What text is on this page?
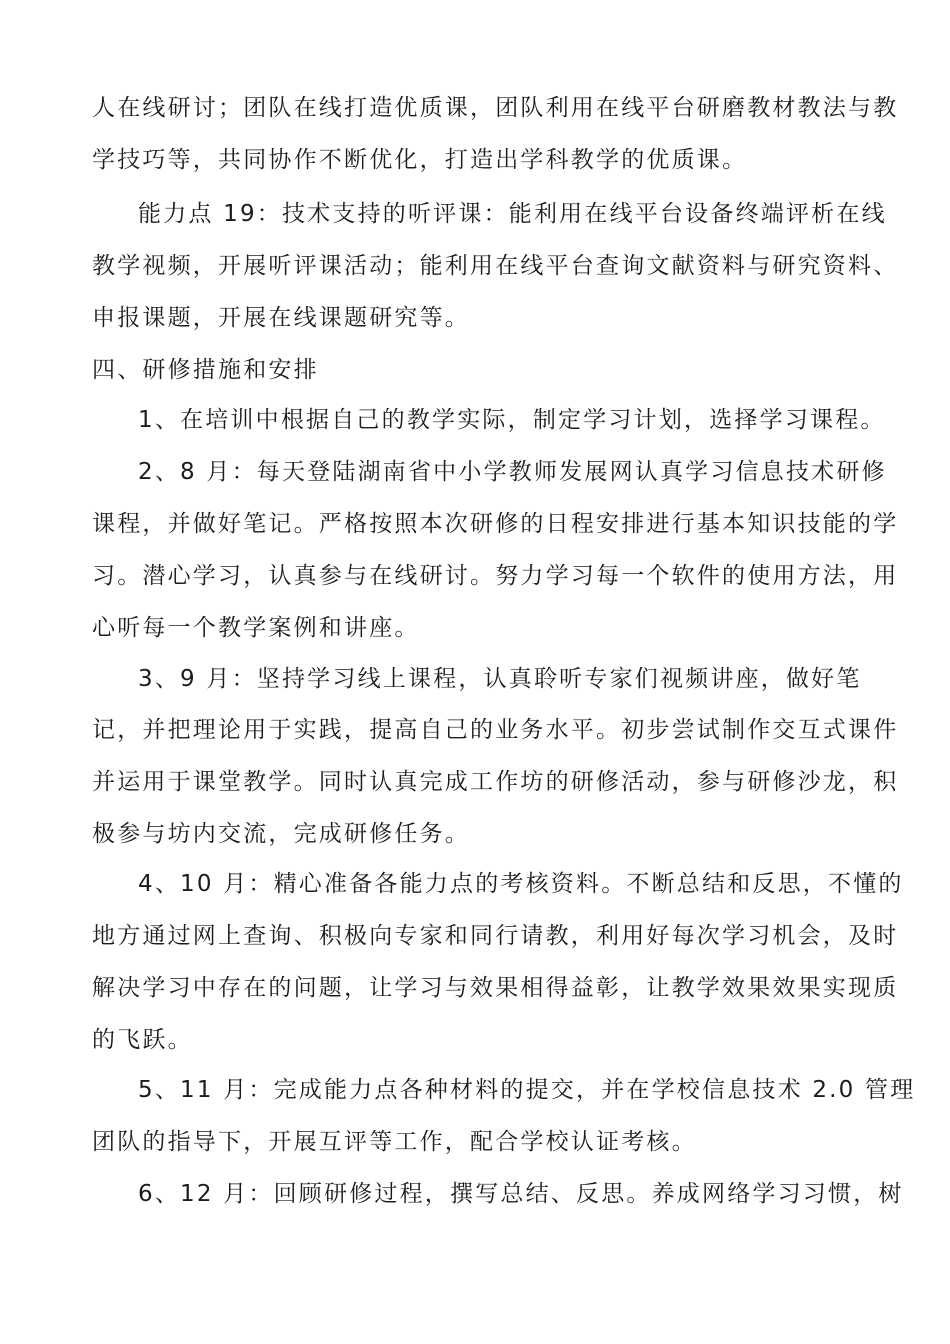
人在线研讨；团队在线打造优质课，团队利用在线平台研磨教材教法与教
学技巧等，共同协作不断优化，打造出学科教学的优质课。
能力点 19：技术支持的听评课：能利用在线平台设备终端评析在线
教学视频，开展听评课活动；能利用在线平台查询文献资料与研究资料、
申报课题，开展在线课题研究等。
四、研修措施和安排
1、在培训中根据自己的教学实际，制定学习计划，选择学习课程。
2、8 月：每天登陆湖南省中小学教师发展网认真学习信息技术研修
课程，并做好笔记。严格按照本次研修的日程安排进行基本知识技能的学
习。潜心学习，认真参与在线研讨。努力学习每一个软件的使用方法，用
心听每一个教学案例和讲座。
3、9 月：坚持学习线上课程，认真聆听专家们视频讲座，做好笔
记，并把理论用于实践，提高自己的业务水平。初步尝试制作交互式课件
并运用于课堂教学。同时认真完成工作坊的研修活动，参与研修沙龙，积
极参与坊内交流，完成研修任务。
4、10 月：精心准备各能力点的考核资料。不断总结和反思，不懂的
地方通过网上查询、积极向专家和同行请教，利用好每次学习机会，及时
解决学习中存在的问题，让学习与效果相得益彰，让教学效果效果实现质
的飞跃。
5、11 月：完成能力点各种材料的提交，并在学校信息技术 2.0 管理
团队的指导下，开展互评等工作，配合学校认证考核。
6、12 月：回顾研修过程，撰写总结、反思。养成网络学习习惯，树
